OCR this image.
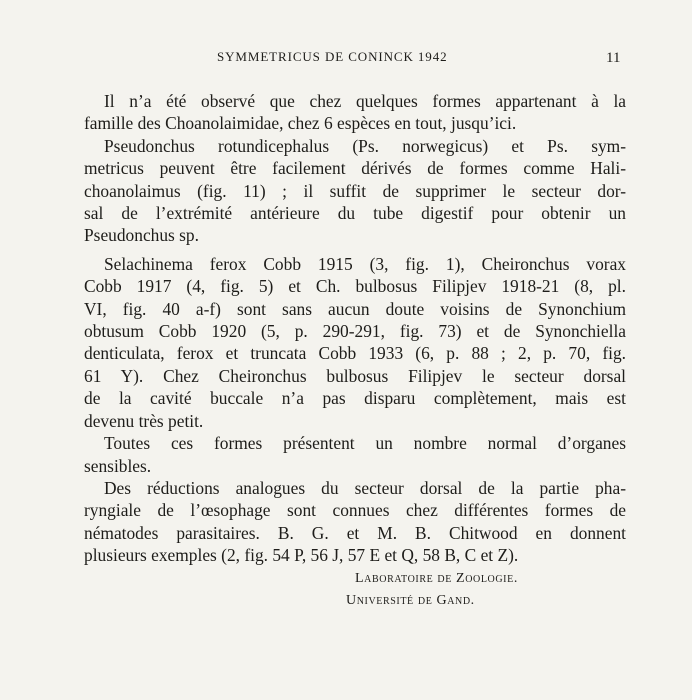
SYMMETRICUS DE CONINCK 1942	11
Il n’a été observé que chez quelques formes appartenant à la
famille des Choanolaimidae, chez 6 espèces en tout, jusqu’ici.
Pseudonchus rotundicephalus (Ps. norwegicus) et Ps. sym-
metricus peuvent être facilement dérivés de formes comme Hali-
choanolaimus (fig. 11) ; il suffit de supprimer le secteur dor-
sal de l’extrémité antérieure du tube digestif pour obtenir un
Pseudonchus sp.
Selachinema ferox Cobb 1915 (3, fig. 1), Cheironchus vorax
Cobb 1917 (4, fig. 5) et Ch. bulbosus Filipjev 1918-21 (8, pl.
VI, fig. 40 a-f) sont sans aucun doute voisins de Synonchium
obtusum Cobb 1920 (5, p. 290-291, fig. 73) et de Synonchiella
denticulata, ferox et truncata Cobb 1933 (6, p. 88 ; 2, p. 70, fig.
61 Y). Chez Cheironchus bulbosus Filipjev le secteur dorsal
de la cavité buccale n’a pas disparu complètement, mais est
devenu très petit.
Toutes ces formes présentent un nombre normal d’organes
sensibles.
Des réductions analogues du secteur dorsal de la partie pha-
ryngiale de l’œsophage sont connues chez différentes formes de
nématodes parasitaires. B. G. et M. B. Chitwood en donnent
plusieurs exemples (2, fig. 54 P, 56 J, 57 E et Q, 58 B, C et Z).
Laboratoire de Zoologie.
Université de Gand.
